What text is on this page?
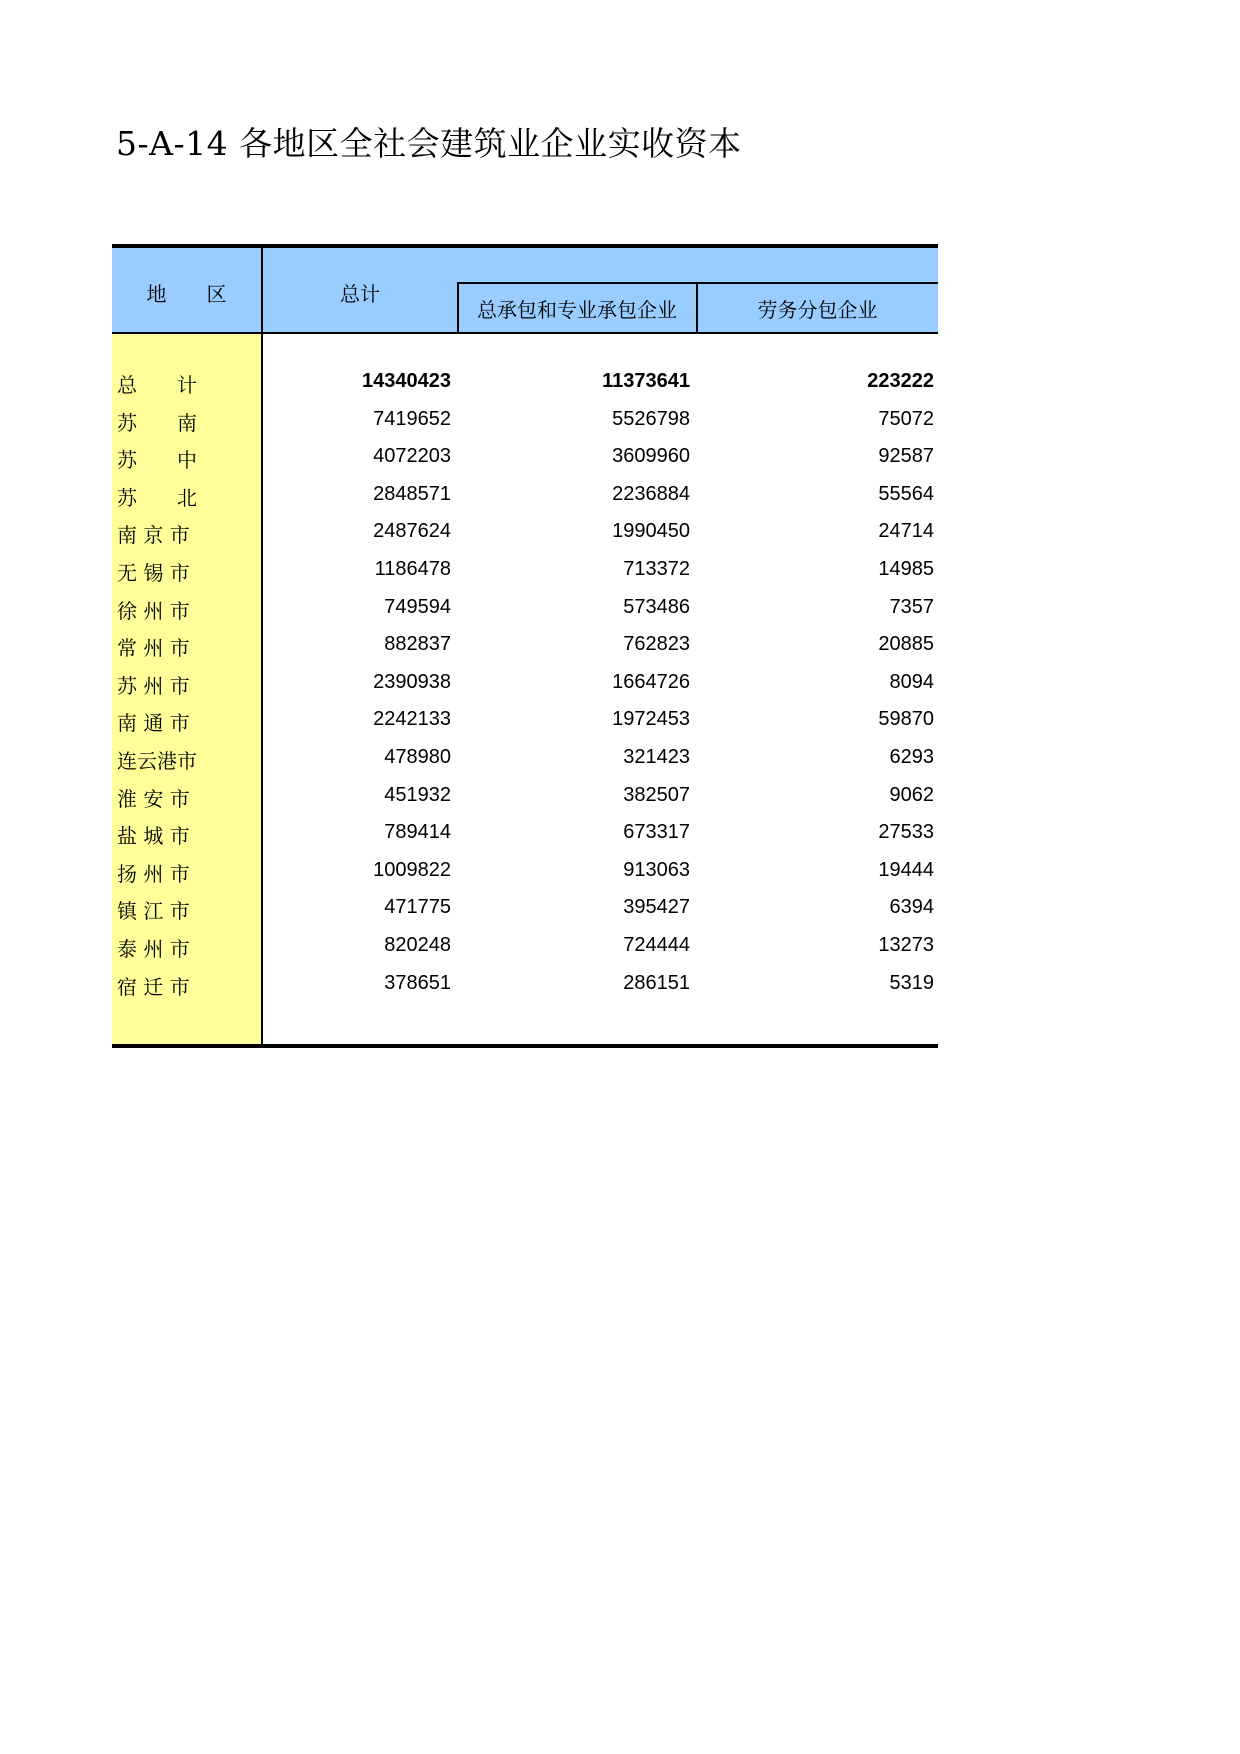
5-A-14 各地区全社会建筑业企业实收资本
地　　区	总计
总承包和专业承包企业	劳务分包企业
总　　计	14340423	11373641	223222
苏　　南	7419652	5526798	75072
苏　　中	4072203	3609960	92587
苏　　北	2848571	2236884	55564
南 京 市	2487624	1990450	24714
无 锡 市	1186478	713372	14985
徐 州 市	749594	573486	7357
常 州 市	882837	762823	20885
苏 州 市	2390938	1664726	8094
南 通 市	2242133	1972453	59870
连云港市	478980	321423	6293
淮 安 市	451932	382507	9062
盐 城 市	789414	673317	27533
扬 州 市	1009822	913063	19444
镇 江 市	471775	395427	6394
泰 州 市	820248	724444	13273
宿 迁 市	378651	286151	5319
